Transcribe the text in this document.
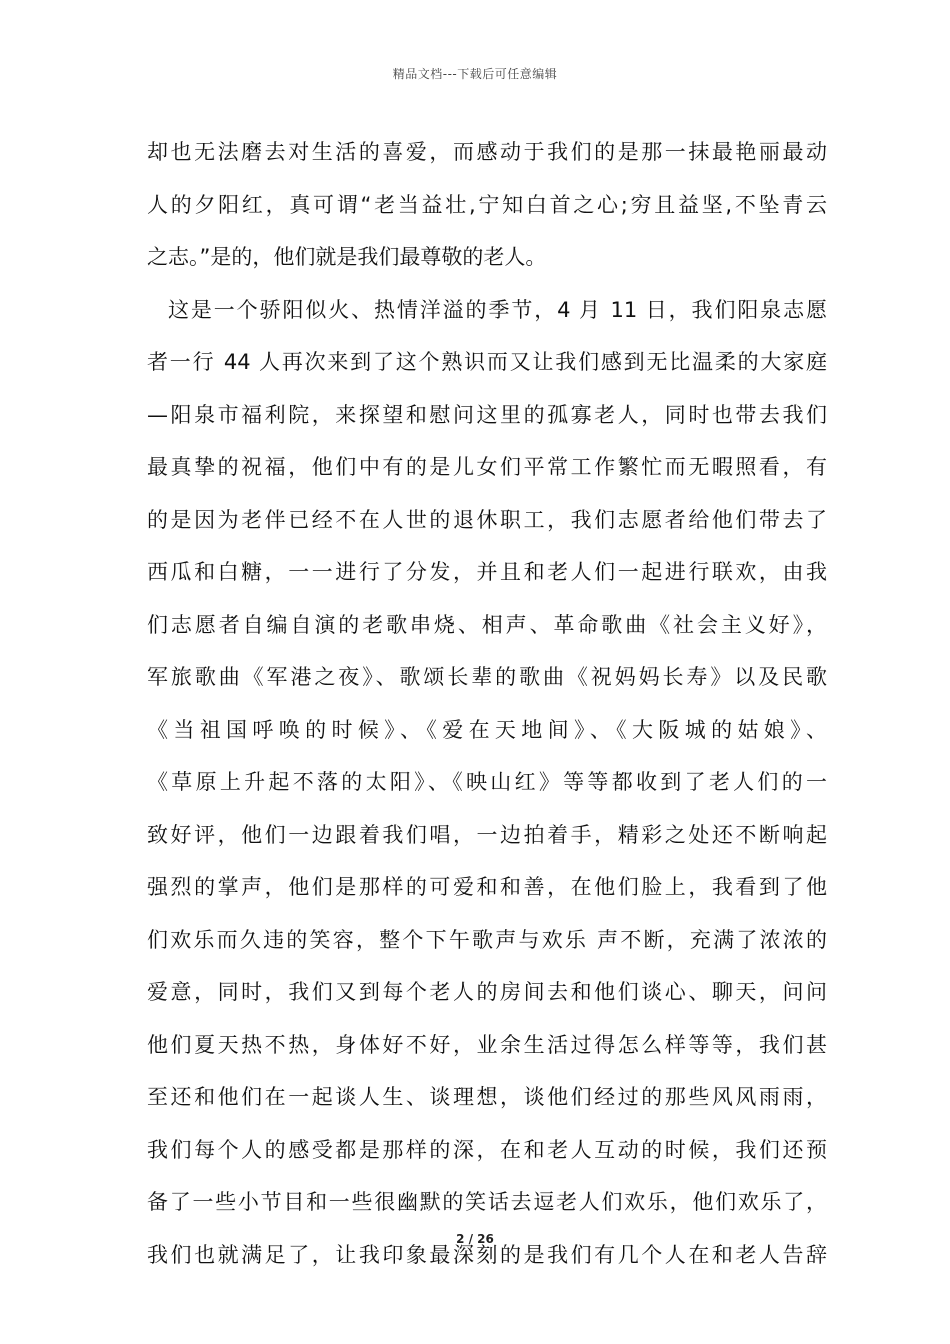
精品文档---下载后可任意编辑
却也无法磨去对生活的喜爱，而感动于我们的是那一抹最艳丽最动
人的夕阳红，真可谓“老当益壮,宁知白首之心;穷且益坚,不坠青云
之志。”是的，他们就是我们最尊敬的老人。
这是一个骄阳似火、热情洋溢的季节，4 月 11 日，我们阳泉志愿
者一行 44 人再次来到了这个熟识而又让我们感到无比温柔的大家庭
—阳泉市福利院，来探望和慰问这里的孤寡老人，同时也带去我们
最真挚的祝福，他们中有的是儿女们平常工作繁忙而无暇照看，有
的是因为老伴已经不在人世的退休职工，我们志愿者给他们带去了
西瓜和白糖，一一进行了分发，并且和老人们一起进行联欢，由我
们志愿者自编自演的老歌串烧、相声、革命歌曲《社会主义好》，
军旅歌曲《军港之夜》、歌颂长辈的歌曲《祝妈妈长寿》以及民歌
《当祖国呼唤的时候》、《爱在天地间》、《大阪城的姑娘》、
《草原上升起不落的太阳》、《映山红》等等都收到了老人们的一
致好评，他们一边跟着我们唱，一边拍着手，精彩之处还不断响起
强烈的掌声，他们是那样的可爱和和善，在他们脸上，我看到了他
们欢乐而久违的笑容，整个下午歌声与欢乐 声不断，充满了浓浓的
爱意，同时，我们又到每个老人的房间去和他们谈心、聊天，问问
他们夏天热不热，身体好不好，业余生活过得怎么样等等，我们甚
至还和他们在一起谈人生、谈理想，谈他们经过的那些风风雨雨，
我们每个人的感受都是那样的深，在和老人互动的时候，我们还预
备了一些小节目和一些很幽默的笑话去逗老人们欢乐，他们欢乐了，
我们也就满足了，让我印象最深刻的是我们有几个人在和老人告辞
2 / 26
